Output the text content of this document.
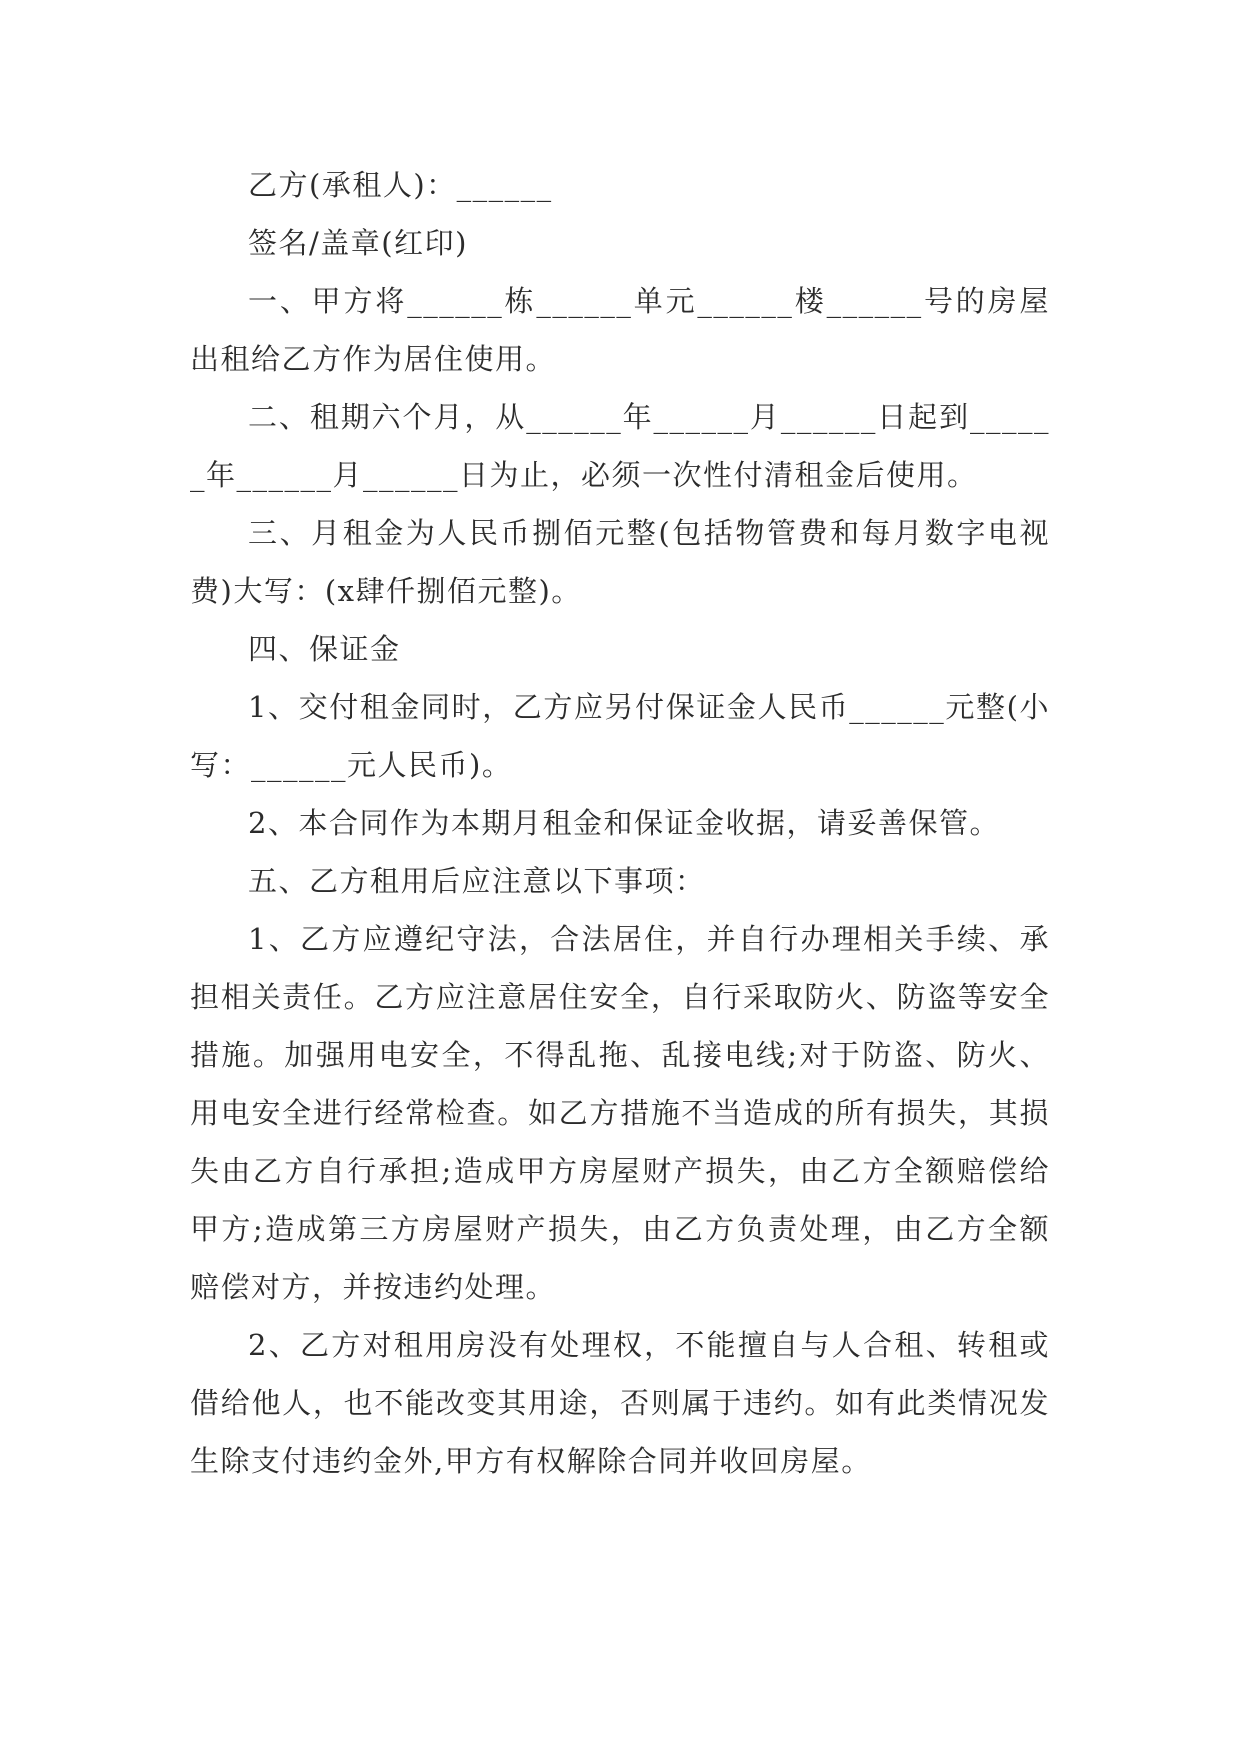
乙方(承租人)：______

签名/盖章(红印)

一、甲方将______栋______单元______楼______号的房屋出租给乙方作为居住使用。

二、租期六个月，从______年______月______日起到______年______月______日为止，必须一次性付清租金后使用。

三、月租金为人民币捌佰元整(包括物管费和每月数字电视费)大写：(x肆仟捌佰元整)。

四、保证金

1、交付租金同时，乙方应另付保证金人民币______元整(小写：______元人民币)。

2、本合同作为本期月租金和保证金收据，请妥善保管。

五、乙方租用后应注意以下事项：

1、乙方应遵纪守法，合法居住，并自行办理相关手续、承担相关责任。乙方应注意居住安全，自行采取防火、防盗等安全措施。加强用电安全，不得乱拖、乱接电线;对于防盗、防火、用电安全进行经常检查。如乙方措施不当造成的所有损失，其损失由乙方自行承担;造成甲方房屋财产损失，由乙方全额赔偿给甲方;造成第三方房屋财产损失，由乙方负责处理，由乙方全额赔偿对方，并按违约处理。

2、乙方对租用房没有处理权，不能擅自与人合租、转租或借给他人，也不能改变其用途，否则属于违约。如有此类情况发生除支付违约金外,甲方有权解除合同并收回房屋。
